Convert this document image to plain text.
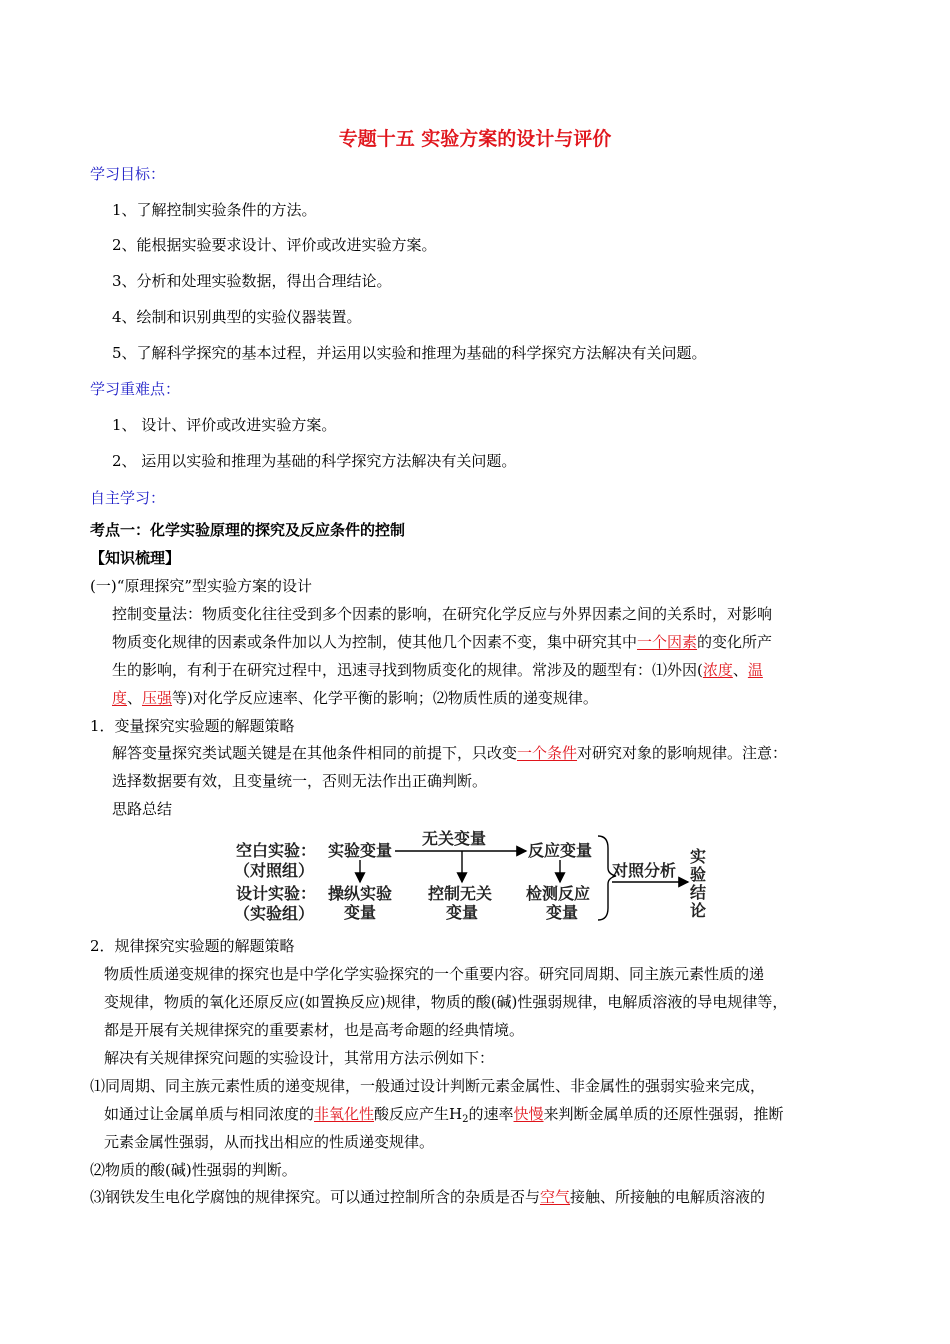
专题十五 实验方案的设计与评价
学习目标：
1、了解控制实验条件的方法。
2、能根据实验要求设计、评价或改进实验方案。
3、分析和处理实验数据，得出合理结论。
4、绘制和识别典型的实验仪器装置。
5、了解科学探究的基本过程，并运用以实验和推理为基础的科学探究方法解决有关问题。
学习重难点：
1、 设计、评价或改进实验方案。
2、 运用以实验和推理为基础的科学探究方法解决有关问题。
自主学习：
考点一：化学实验原理的探究及反应条件的控制
【知识梳理】
(一)“原理探究”型实验方案的设计
控制变量法：物质变化往往受到多个因素的影响，在研究化学反应与外界因素之间的关系时，对影响
物质变化规律的因素或条件加以人为控制，使其他几个因素不变，集中研究其中一个因素的变化所产
生的影响，有利于在研究过程中，迅速寻找到物质变化的规律。常涉及的题型有：⑴外因(浓度、温
度、压强等)对化学反应速率、化学平衡的影响；⑵物质性质的递变规律。
1．变量探究实验题的解题策略
解答变量探究类试题关键是在其他条件相同的前提下，只改变一个条件对研究对象的影响规律。注意：
选择数据要有效，且变量统一，否则无法作出正确判断。
思路总结
空白实验：
（对照组）
设计实验：
（实验组）
实验变量
操纵实验
变量
无关变量
控制无关
变量
反应变量
检测反应
变量
对照分析
实
验
结
论
2．规律探究实验题的解题策略
物质性质递变规律的探究也是中学化学实验探究的一个重要内容。研究同周期、同主族元素性质的递
变规律，物质的氧化还原反应(如置换反应)规律，物质的酸(碱)性强弱规律，电解质溶液的导电规律等，
都是开展有关规律探究的重要素材，也是高考命题的经典情境。
解决有关规律探究问题的实验设计，其常用方法示例如下：
⑴同周期、同主族元素性质的递变规律，一般通过设计判断元素金属性、非金属性的强弱实验来完成，
如通过让金属单质与相同浓度的非氧化性酸反应产生$H_2$的速率快慢来判断金属单质的还原性强弱，推断
元素金属性强弱，从而找出相应的性质递变规律。
⑵物质的酸(碱)性强弱的判断。
⑶钢铁发生电化学腐蚀的规律探究。可以通过控制所含的杂质是否与空气接触、所接触的电解质溶液的
